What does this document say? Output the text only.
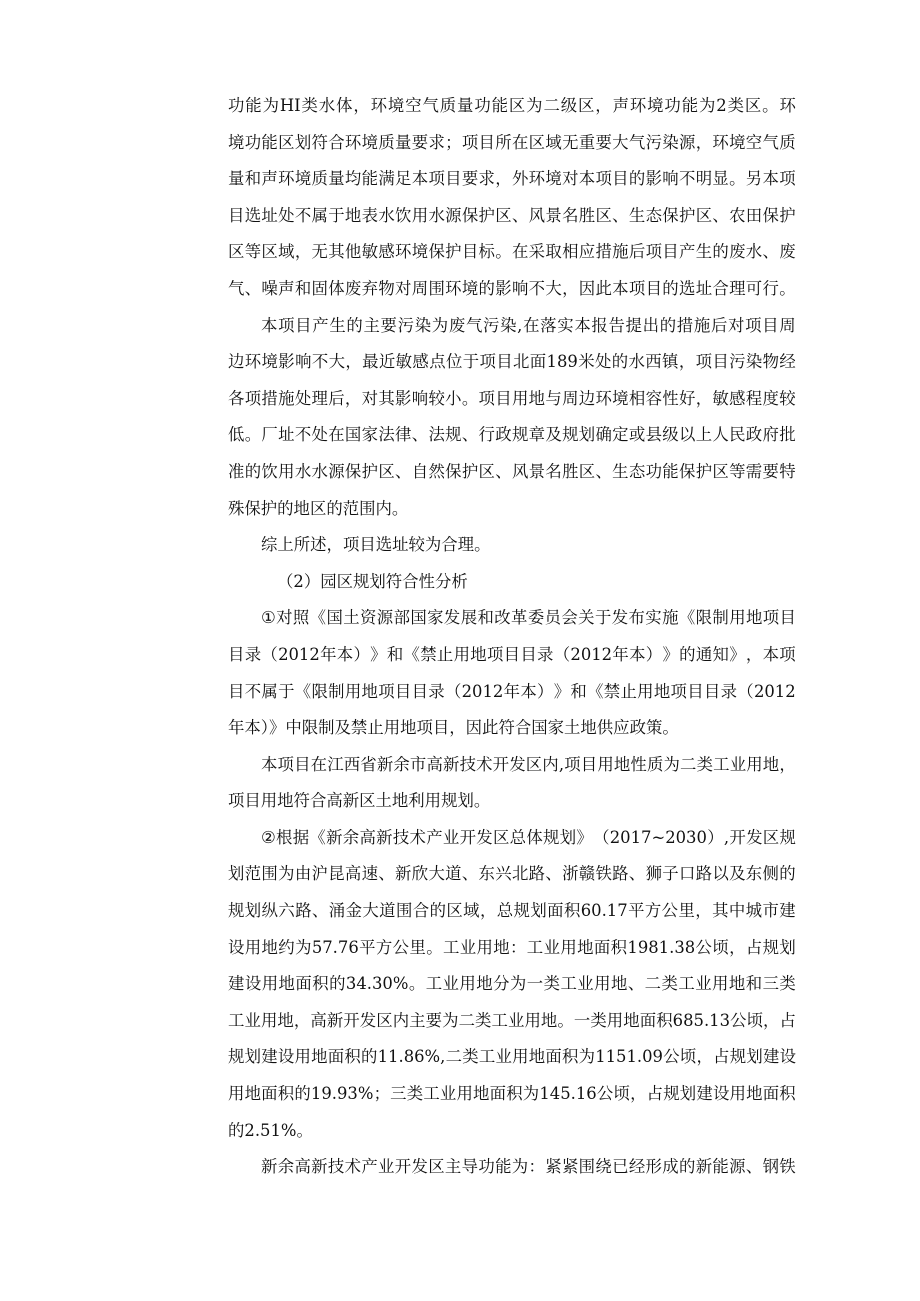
功 能 为 HI 类 水 体 ， 环 境 空 气 质 量 功 能 区 为 二 级 区 ， 声 环 境 功 能 为 2 类 区 。 环
境 功 能 区 划 符 合 环 境 质 量 要 求 ； 项 目 所 在 区 域 无 重 要 大 气 污 染 源 ， 环 境 空 气 质
量 和 声 环 境 质 量 均 能 满 足 本 项 目 要 求 ， 外 环 境 对 本 项 目 的 影 响 不 明 显 。 另 本 项
目 选 址 处 不 属 于 地 表 水 饮 用 水 源 保 护 区 、 风 景 名 胜 区 、 生 态 保 护 区 、 农 田 保 护
区 等 区 域 ， 无 其 他 敏 感 环 境 保 护 目 标 。 在 采 取 相 应 措 施 后 项 目 产 生 的 废 水 、 废
气 、 噪 声 和 固 体 废 弃 物 对 周 围 环 境 的 影 响 不 大 ， 因 此 本 项 目 的 选 址 合 理 可 行 。
本 项 目 产 生 的 主 要 污 染 为 废 气 污 染 , 在 落 实 本 报 告 提 出 的 措 施 后 对 项 目 周
边 环 境 影 响 不 大 ， 最 近 敏 感 点 位 于 项 目 北 面 189 米 处 的 水 西 镇 ， 项 目 污 染 物 经
各 项 措 施 处 理 后 ， 对 其 影 响 较 小 。 项 目 用 地 与 周 边 环 境 相 容 性 好 ， 敏 感 程 度 较
低 。 厂 址 不 处 在 国 家 法 律 、 法 规 、 行 政 规 章 及 规 划 确 定 或 县 级 以 上 人 民 政 府 批
准 的 饮 用 水 水 源 保 护 区 、 自 然 保 护 区 、 风 景 名 胜 区 、 生 态 功 能 保 护 区 等 需 要 特
殊保护的地区的范围内。
综上所述，项目选址较为合理。
（2）园区规划符合性分析
① 对 照 《 国 土 资 源 部 国 家 发 展 和 改 革 委 员 会 关 于 发 布 实 施 《 限 制 用 地 项 目
目 录 （ 2012 年 本 ） 》 和 《 禁 止 用 地 项 目 目 录 （ 2012 年 本 ） 》 的 通 知 》 ， 本 项
目 不 属 于 《 限 制 用 地 项 目 目 录 （ 2012 年 本 ） 》 和 《 禁 止 用 地 项 目 目 录 （ 2012
年本）》中限制及禁止用地项目，因此符合国家土地供应政策。
本 项 目 在 江 西 省 新 余 市 高 新 技 术 开 发 区 内 , 项 目 用 地 性 质 为 二 类 工 业 用 地 ，
项目用地符合高新区土地利用规划。
② 根 据 《 新 余 高 新 技 术 产 业 开 发 区 总 体 规 划 》 （ 2017~2030 ） , 开 发 区 规
划 范 围 为 由 沪 昆 高 速 、 新 欣 大 道 、 东 兴 北 路 、 浙 赣 铁 路 、 狮 子 口 路 以 及 东 侧 的
规 划 纵 六 路 、 涌 金 大 道 围 合 的 区 域 ， 总 规 划 面 积 60.17 平 方 公 里 ， 其 中 城 市 建
设 用 地 约 为 57.76 平 方 公 里 。 工 业 用 地 ： 工 业 用 地 面 积 1981.38 公 顷 ， 占 规 划
建 设 用 地 面 积 的 34.30% 。 工 业 用 地 分 为 一 类 工 业 用 地 、 二 类 工 业 用 地 和 三 类
工 业 用 地 ， 高 新 开 发 区 内 主 要 为 二 类 工 业 用 地 。 一 类 用 地 面 积 685.13 公 顷 ， 占
规 划 建 设 用 地 面 积 的 11.86%, 二 类 工 业 用 地 面 积 为 1151.09 公 顷 ， 占 规 划 建 设
用 地 面 积 的 19.93% ； 三 类 工 业 用 地 面 积 为 145.16 公 顷 ， 占 规 划 建 设 用 地 面 积
的2.51%。
新 余 高 新 技 术 产 业 开 发 区 主 导 功 能 为 ： 紧 紧 围 绕 已 经 形 成 的 新 能 源 、 钢 铁
